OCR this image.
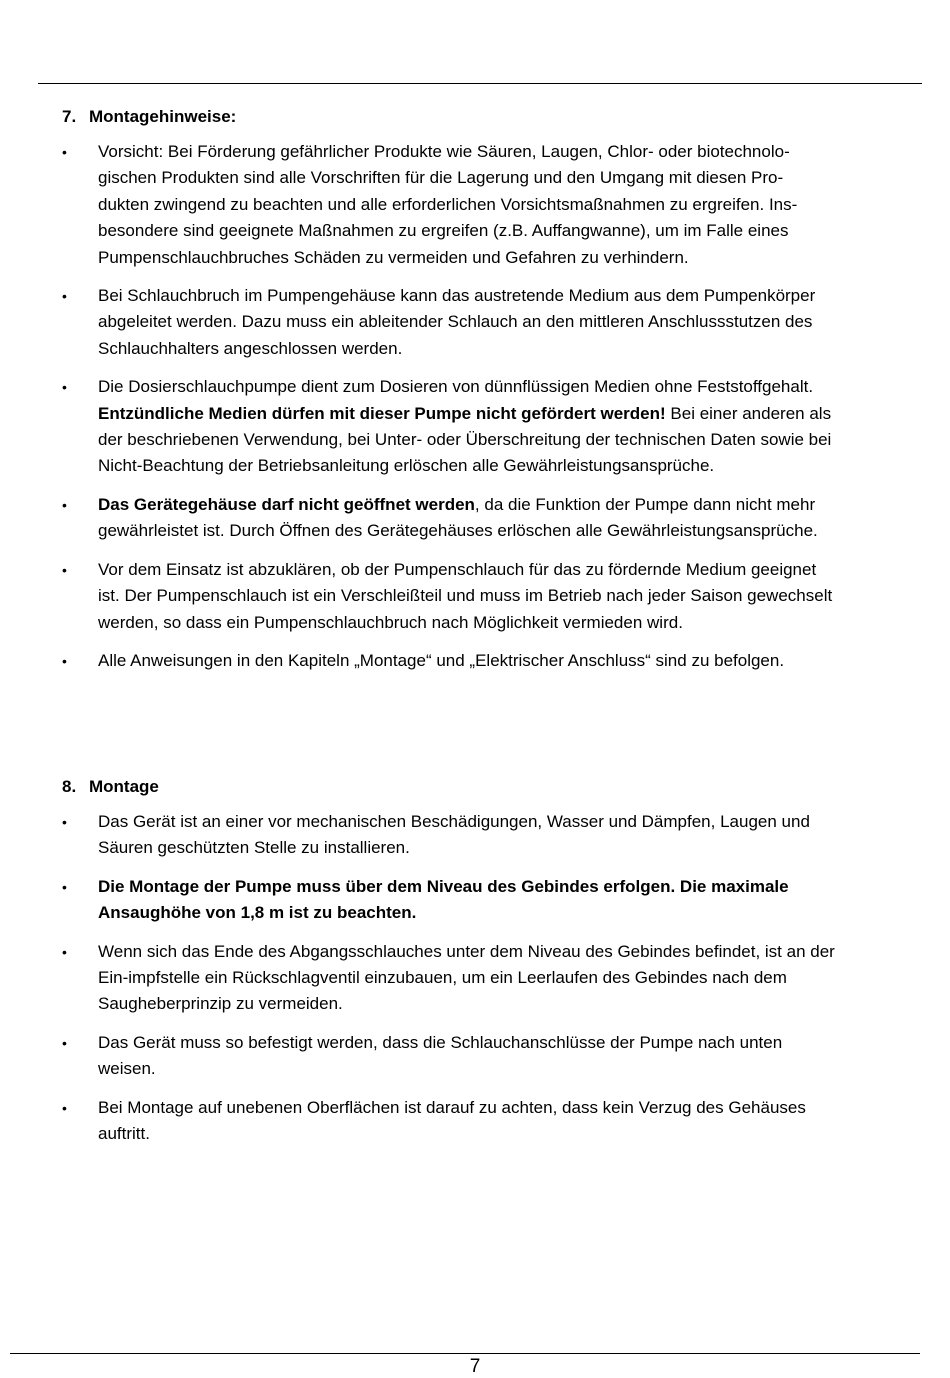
7. Montagehinweise:
• Vorsicht: Bei Förderung gefährlicher Produkte wie Säuren, Laugen, Chlor- oder biotechnolo-
gischen Produkten sind alle Vorschriften für die Lagerung und den Umgang mit diesen Pro-
dukten zwingend zu beachten und alle erforderlichen Vorsichtsmaßnahmen zu ergreifen. Ins-
besondere sind geeignete Maßnahmen zu ergreifen (z.B. Auffangwanne), um im Falle eines
Pumpenschlauchbruches Schäden zu vermeiden und Gefahren zu verhindern.
• Bei Schlauchbruch im Pumpengehäuse kann das austretende Medium aus dem Pumpenkörper
abgeleitet werden. Dazu muss ein ableitender Schlauch an den mittleren Anschlussstutzen des
Schlauchhalters angeschlossen werden.
• Die Dosierschlauchpumpe dient zum Dosieren von dünnflüssigen Medien ohne Feststoffgehalt.
Entzündliche Medien dürfen mit dieser Pumpe nicht gefördert werden! Bei einer anderen als
der beschriebenen Verwendung, bei Unter- oder Überschreitung der technischen Daten sowie bei
Nicht-Beachtung der Betriebsanleitung erlöschen alle Gewährleistungsansprüche.
• Das Gerätegehäuse darf nicht geöffnet werden, da die Funktion der Pumpe dann nicht mehr
gewährleistet ist. Durch Öffnen des Gerätegehäuses erlöschen alle Gewährleistungsansprüche.
• Vor dem Einsatz ist abzuklären, ob der Pumpenschlauch für das zu fördernde Medium geeignet
ist. Der Pumpenschlauch ist ein Verschleißteil und muss im Betrieb nach jeder Saison gewechselt
werden, so dass ein Pumpenschlauchbruch nach Möglichkeit vermieden wird.
• Alle Anweisungen in den Kapiteln „Montage“ und „Elektrischer Anschluss“ sind zu befolgen.
8. Montage
• Das Gerät ist an einer vor mechanischen Beschädigungen, Wasser und Dämpfen, Laugen und
Säuren geschützten Stelle zu installieren.
• Die Montage der Pumpe muss über dem Niveau des Gebindes erfolgen. Die maximale
Ansaughöhe von 1,8 m ist zu beachten.
• Wenn sich das Ende des Abgangsschlauches unter dem Niveau des Gebindes befindet, ist an der
Ein-impfstelle ein Rückschlagventil einzubauen, um ein Leerlaufen des Gebindes nach dem
Saugheberprinzip zu vermeiden.
• Das Gerät muss so befestigt werden, dass die Schlauchanschlüsse der Pumpe nach unten
weisen.
• Bei Montage auf unebenen Oberflächen ist darauf zu achten, dass kein Verzug des Gehäuses
auftritt.
7
